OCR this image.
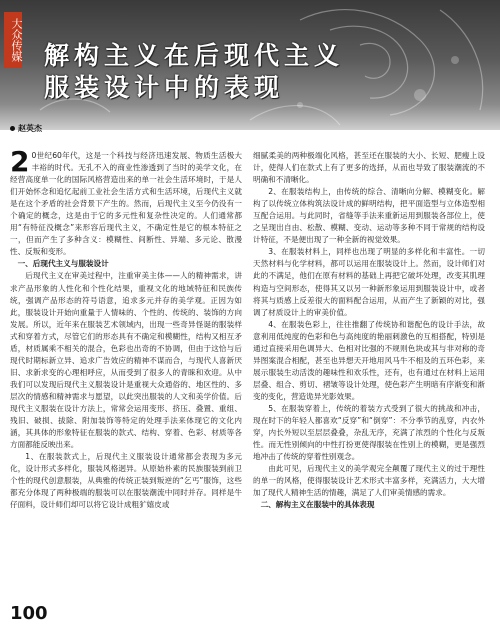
大众传媒 解构主义在后现代主义
服装设计中的表现
赵英杰

2 0世纪60年代，这是一个科技与经济迅速发展、物质生活极大丰裕的时代。无孔不入的商业性渗透到了当时的美学文化，在经营高度单一化的国际风格营造出来的单一社会生活环境时，于是人们开始怀念和追忆起前工业社会生活方式和生活环境，后现代主义就是在这个矛盾的社会背景下产生的。然而，后现代主义至今仍没有一个确定的概念，这是由于它的多元性和复杂性决定的。人们通常都用“有特征没概念”来形容后现代主义，不确定性是它的根本特征之一，但而产生了多种含义：模糊性、间断性、异端、多元论、散漫性、反叛和变形。

一、后现代主义与服装设计

后现代主义在审美过程中，注重审美主体——人的精神需求，讲求产品形象的人性化和个性化结果，重视文化的地域特征和民族传统，强调产品形态的符号语意，追求多元并存的美学观。正因为如此，服装设计开始向重量于人情味的、个性的、传统的、装饰的方向发展。所以，近年来在服装艺术领域内，出现一些奇异怪诞的服装样式和穿着方式，尽管它们的形态具有不确定和模糊性，结构又相互矛盾，材质属乘不相关的混合，色彩也出奇的不协调，但由于这恰与后现代时期标新立异、追求广告效应的精神不谋而合，与现代人喜新厌旧、求新求变的心理相呼应，从而受到了很多人的青睐和欢迎。从中我们可以发现后现代主义服装设计是重视大众通俗的、地区性的、多层次的情感和精神需求与愿望，以此突出服装的人文和美学价值。后现代主义服装在设计方法上，常常会运用变形、挤压、叠置、重组、残旧、破损、拔除、附加装饰等特定的处理手法来体现它的文化内涵，其具体的形象特征在服装的款式、结构、穿着、色彩、材质等各方面都能反映出来。

1、在服装款式上，后现代主义服装设计通常都会表现为多元化，设计形式多样化，服装风格迥异。从原始朴素的民族服装到前卫个性的现代创意服装，从典雅的传统正装到叛逆的“乞丐”服饰，这些都充分体现了两种极端的服装可以在服装潮流中同时并存。同样是牛仔面料，设计师们却可以将它设计成粗犷嬉皮或

细腻柔美的两种极端化风格，甚至还在服装的大小、长短、肥瘦上设计，使得人们在款式上有了更多的选择，从而也导致了服装潮流的不明确和不清晰化。

2、在服装结构上，由传统的综合、清晰向分解、模糊变化。解构了以传统立体构筑法设计成的鲜明结构，把平面造型与立体造型相互配合运用。与此同时，省缝等手法来重新运用到服装各部位上，使之呈现出自由、松散、模糊、变动、运动等多种不同于常规的结构设计特征，不是便出现了一种全新的视觉效果。

3、在服装材料上，同样也出现了明显的多样化和丰富性。一切天然材料与化学材料，都可以运用在服装设计上。然而，设计师们对此的不满足，他们在原有材料的基础上再把它破坏处理，改变其肌理构造与空间形态，使得其又以另一种新形象运用到服装设计中，或者将其与质感上反差很大的面料配合运用，从而产生了新颖的对比，强调了材质设计上的审美价值。

4、在服装色彩上，往往推翻了传统协和谐配色的设计手法，故意利用低纯度的色彩和色与高纯度的艳丽刺激色的互相搭配，特别是通过直接采用色调异大、色相对比强的不规则色块或其与非对称的奇异图案混合相配，甚至也异想天开地用风马牛不相及的五环色彩，来展示服装生动活泼的趣味性和欢乐性，还有，也有通过在材料上运用层叠、组合、剪切、褶皱等设计处理，使色彩产生明暗有序渐变和渐变的变化，营造诡异光影效果。

5、在服装穿着上，传统的着装方式受到了很大的挑战和冲击，现在时下的年轻人都喜欢“反穿”和“倒穿”：不分季节的乱穿，内衣外穿，内长外短以至层层叠叠，杂乱无序，充满了浓烈的个性化与反叛性。而无性别倾向的中性打扮更使得服装在性别上的模糊，更是强烈地冲击了传统的穿着性别观念。

由此可见，后现代主义的美学观完全颠覆了现代主义的过于理性的单一的风格，使得服装设计艺术形式丰富多样，充满活力，大大增加了现代人精神生活的情趣，满足了人们审美情感的需求。

二、解构主义在服装中的具体表现

100
